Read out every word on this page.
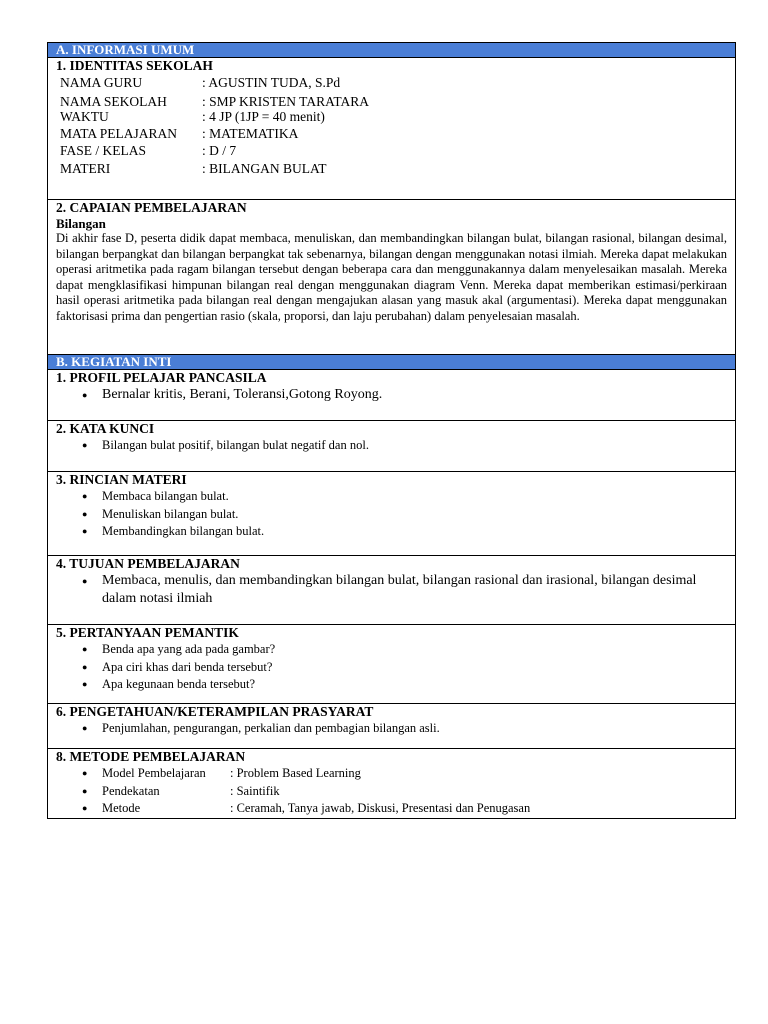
A. INFORMASI UMUM

1. IDENTITAS SEKOLAH
NAMA GURU	: AGUSTIN TUDA, S.Pd
NAMA SEKOLAH	: SMP KRISTEN TARATARA
WAKTU	: 4 JP (1JP = 40 menit)
MATA PELAJARAN	: MATEMATIKA
FASE / KELAS	: D / 7
MATERI	: BILANGAN BULAT

2. CAPAIAN PEMBELAJARAN
Bilangan
Di akhir fase D, peserta didik dapat membaca, menuliskan, dan membandingkan bilangan bulat, bilangan rasional, bilangan desimal, bilangan berpangkat dan bilangan berpangkat tak sebenarnya, bilangan dengan menggunakan notasi ilmiah. Mereka dapat melakukan operasi aritmetika pada ragam bilangan tersebut dengan beberapa cara dan menggunakannya dalam menyelesaikan masalah. Mereka dapat mengklasifikasi himpunan bilangan real dengan menggunakan diagram Venn. Mereka dapat memberikan estimasi/perkiraan hasil operasi aritmetika pada bilangan real dengan mengajukan alasan yang masuk akal (argumentasi). Mereka dapat menggunakan faktorisasi prima dan pengertian rasio (skala, proporsi, dan laju perubahan) dalam penyelesaian masalah.

B. KEGIATAN INTI

1. PROFIL PELAJAR PANCASILA
● Bernalar kritis, Berani, Toleransi,Gotong Royong.

2. KATA KUNCI
● Bilangan bulat positif, bilangan bulat negatif dan nol.

3. RINCIAN MATERI
● Membaca bilangan bulat.
● Menuliskan bilangan bulat.
● Membandingkan bilangan bulat.

4. TUJUAN PEMBELAJARAN
● Membaca, menulis, dan membandingkan bilangan bulat, bilangan rasional dan irasional, bilangan desimal dalam notasi ilmiah

5. PERTANYAAN PEMANTIK
● Benda apa yang ada pada gambar?
● Apa ciri khas dari benda tersebut?
● Apa kegunaan benda tersebut?

6. PENGETAHUAN/KETERAMPILAN PRASYARAT
● Penjumlahan, pengurangan, perkalian dan pembagian bilangan asli.

8. METODE PEMBELAJARAN
● Model Pembelajaran : Problem Based Learning
● Pendekatan	: Saintifik
● Metode	: Ceramah, Tanya jawab, Diskusi, Presentasi dan Penugasan
